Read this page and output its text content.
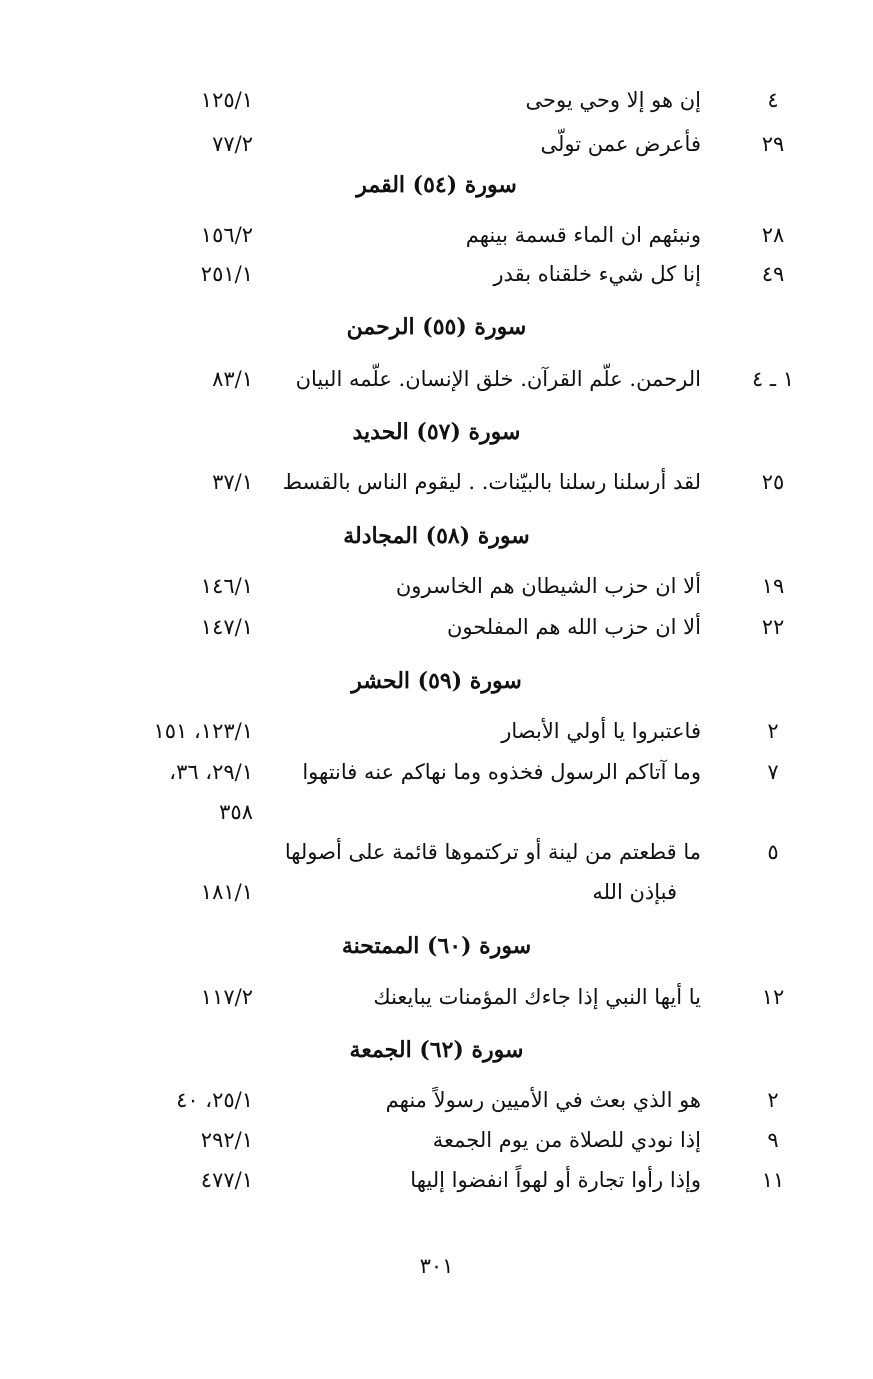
٤
إن هو إلا وحي يوحى
١٢٥/١
٢٩
فأعرض عمن تولّى
٧٧/٢
سورة (٥٤) القمر
٢٨
ونبئهم ان الماء قسمة بينهم
١٥٦/٢
٤٩
إنا كل شيء خلقناه بقدر
٢٥١/١
سورة (٥٥) الرحمن
١ ـ ٤
الرحمن. علّم القرآن. خلق الإنسان. علّمه البيان
٨٣/١
سورة (٥٧) الحديد
٢٥
لقد أرسلنا رسلنا بالبيّنات. . ليقوم الناس بالقسط
٣٧/١
سورة (٥٨) المجادلة
١٩
ألا ان حزب الشيطان هم الخاسرون
١٤٦/١
٢٢
ألا ان حزب الله هم المفلحون
١٤٧/١
سورة (٥٩) الحشر
٢
فاعتبروا يا أولي الأبصار
١٢٣/١، ١٥١
٧
وما آتاكم الرسول فخذوه وما نهاكم عنه فانتهوا
٢٩/١، ٣٦،
٣٥٨
٥
ما قطعتم من لينة أو تركتموها قائمة على أصولها
فبإذن الله
١٨١/١
سورة (٦٠) الممتحنة
١٢
يا أيها النبي إذا جاءك المؤمنات يبايعنك
١١٧/٢
سورة (٦٢) الجمعة
٢
هو الذي بعث في الأميين رسولاً منهم
٢٥/١، ٤٠
٩
إذا نودي للصلاة من يوم الجمعة
٢٩٢/١
١١
وإذا رأوا تجارة أو لهواً انفضوا إليها
٤٧٧/١
٣٠١
